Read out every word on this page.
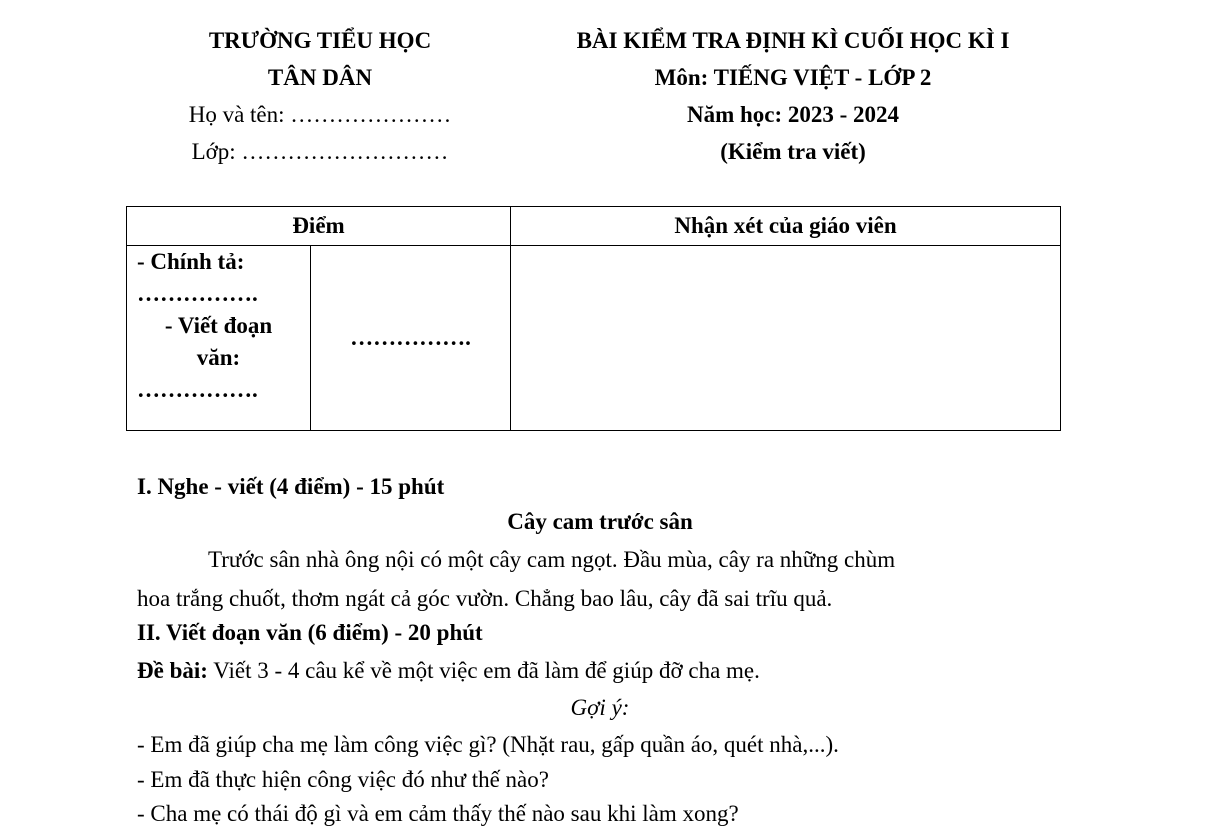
TRƯỜNG TIỂU HỌC
TÂN DÂN
Họ và tên: …………………
Lớp: ………………………
BÀI KIỂM TRA ĐỊNH KÌ CUỐI HỌC KÌ I
Môn: TIẾNG VIỆT - LỚP 2
Năm học: 2023 - 2024
(Kiểm tra viết)
Điểm		Nhận xét của giáo viên

- Chính tả:
…………….
- Viết đoạn
văn:
…………….	…………….	
I. Nghe - viết (4 điểm) - 15 phút
Cây cam trước sân
Trước sân nhà ông nội có một cây cam ngọt. Đầu mùa, cây ra những chùm
hoa trắng chuốt, thơm ngát cả góc vườn. Chẳng bao lâu, cây đã sai trĩu quả.
II. Viết đoạn văn (6 điểm) - 20 phút
Đề bài: Viết 3 - 4 câu kể về một việc em đã làm để giúp đỡ cha mẹ.
Gợi ý:
- Em đã giúp cha mẹ làm công việc gì? (Nhặt rau, gấp quần áo, quét nhà,...).
- Em đã thực hiện công việc đó như thế nào?
- Cha mẹ có thái độ gì và em cảm thấy thế nào sau khi làm xong?
